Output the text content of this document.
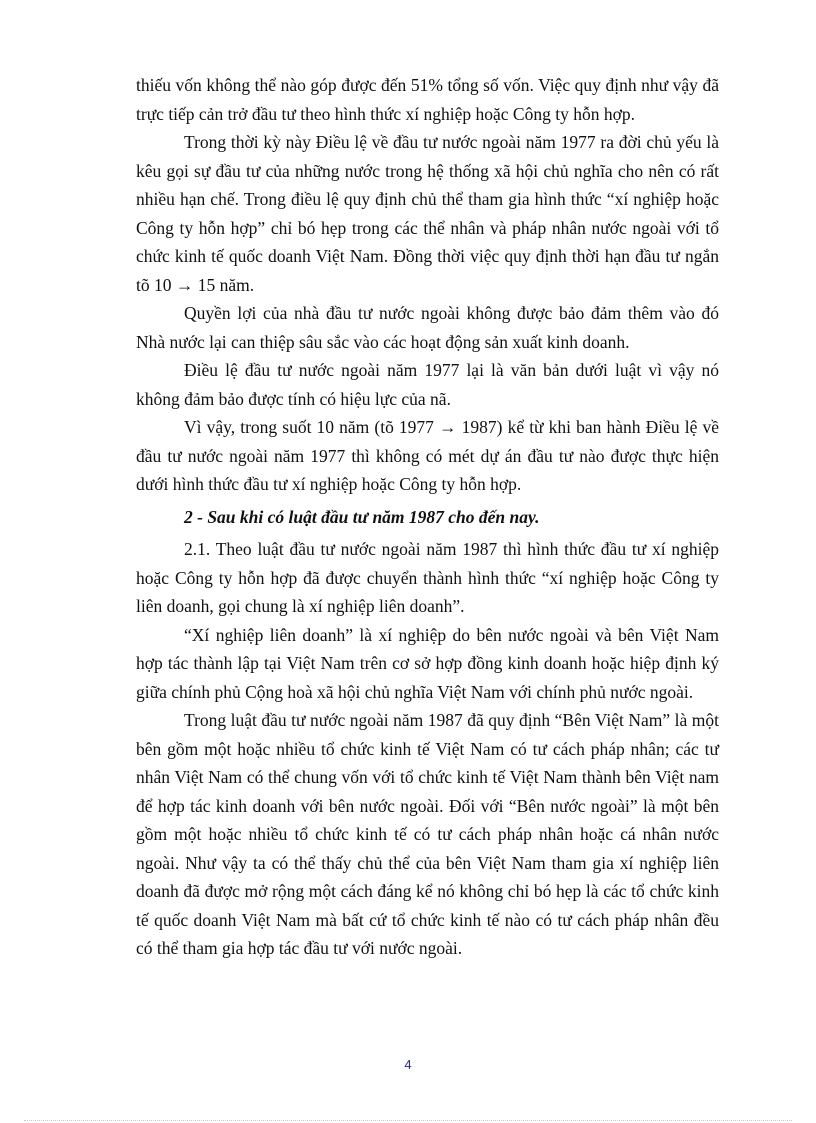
thiếu vốn không thể nào góp được đến 51% tổng số vốn. Việc quy định như vậy đã trực tiếp cản trở đầu tư theo hình thức xí nghiệp hoặc Công ty hỗn hợp.

Trong thời kỳ này Điều lệ về đầu tư nước ngoài năm 1977 ra đời chủ yếu là kêu gọi sự đầu tư của những nước trong hệ thống xã hội chủ nghĩa cho nên có rất nhiều hạn chế. Trong điều lệ quy định chủ thể tham gia hình thức “xí nghiệp hoặc Công ty hỗn hợp” chỉ bó hẹp trong các thể nhân và pháp nhân nước ngoài với tổ chức kinh tế quốc doanh Việt Nam. Đồng thời việc quy định thời hạn đầu tư ngắn tõ 10 → 15 năm.

Quyền lợi của nhà đầu tư nước ngoài không được bảo đảm thêm vào đó Nhà nước lại can thiệp sâu sắc vào các hoạt động sản xuất kinh doanh.

Điều lệ đầu tư nước ngoài năm 1977 lại là văn bản dưới luật vì vậy nó không đảm bảo được tính có hiệu lực của nã.

Vì vậy, trong suốt 10 năm (tõ 1977 → 1987) kể từ khi ban hành Điều lệ về đầu tư nước ngoài năm 1977 thì không có mét dự án đầu tư nào được thực hiện dưới hình thức đầu tư xí nghiệp hoặc Công ty hỗn hợp.

2 - Sau khi có luật đầu tư năm 1987 cho đến nay.

2.1. Theo luật đầu tư nước ngoài năm 1987 thì hình thức đầu tư xí nghiệp hoặc Công ty hỗn hợp đã được chuyển thành hình thức “xí nghiệp hoặc Công ty liên doanh, gọi chung là xí nghiệp liên doanh”.

“Xí nghiệp liên doanh” là xí nghiệp do bên nước ngoài và bên Việt Nam hợp tác thành lập tại Việt Nam trên cơ sở hợp đồng kinh doanh hoặc hiệp định ký giữa chính phủ Cộng hoà xã hội chủ nghĩa Việt Nam với chính phủ nước ngoài.

Trong luật đầu tư nước ngoài năm 1987 đã quy định “Bên Việt Nam” là một bên gồm một hoặc nhiều tổ chức kinh tế Việt Nam có tư cách pháp nhân; các tư nhân Việt Nam có thể chung vốn với tổ chức kinh tế Việt Nam thành bên Việt nam để hợp tác kinh doanh với bên nước ngoài. Đối với “Bên nước ngoài” là một bên gồm một hoặc nhiều tổ chức kinh tế có tư cách pháp nhân hoặc cá nhân nước ngoài. Như vậy ta có thể thấy chủ thể của bên Việt Nam tham gia xí nghiệp liên doanh đã được mở rộng một cách đáng kể nó không chỉ bó hẹp là các tổ chức kinh tế quốc doanh Việt Nam mà bất cứ tổ chức kinh tế nào có tư cách pháp nhân đều có thể tham gia hợp tác đầu tư với nước ngoài.

4
